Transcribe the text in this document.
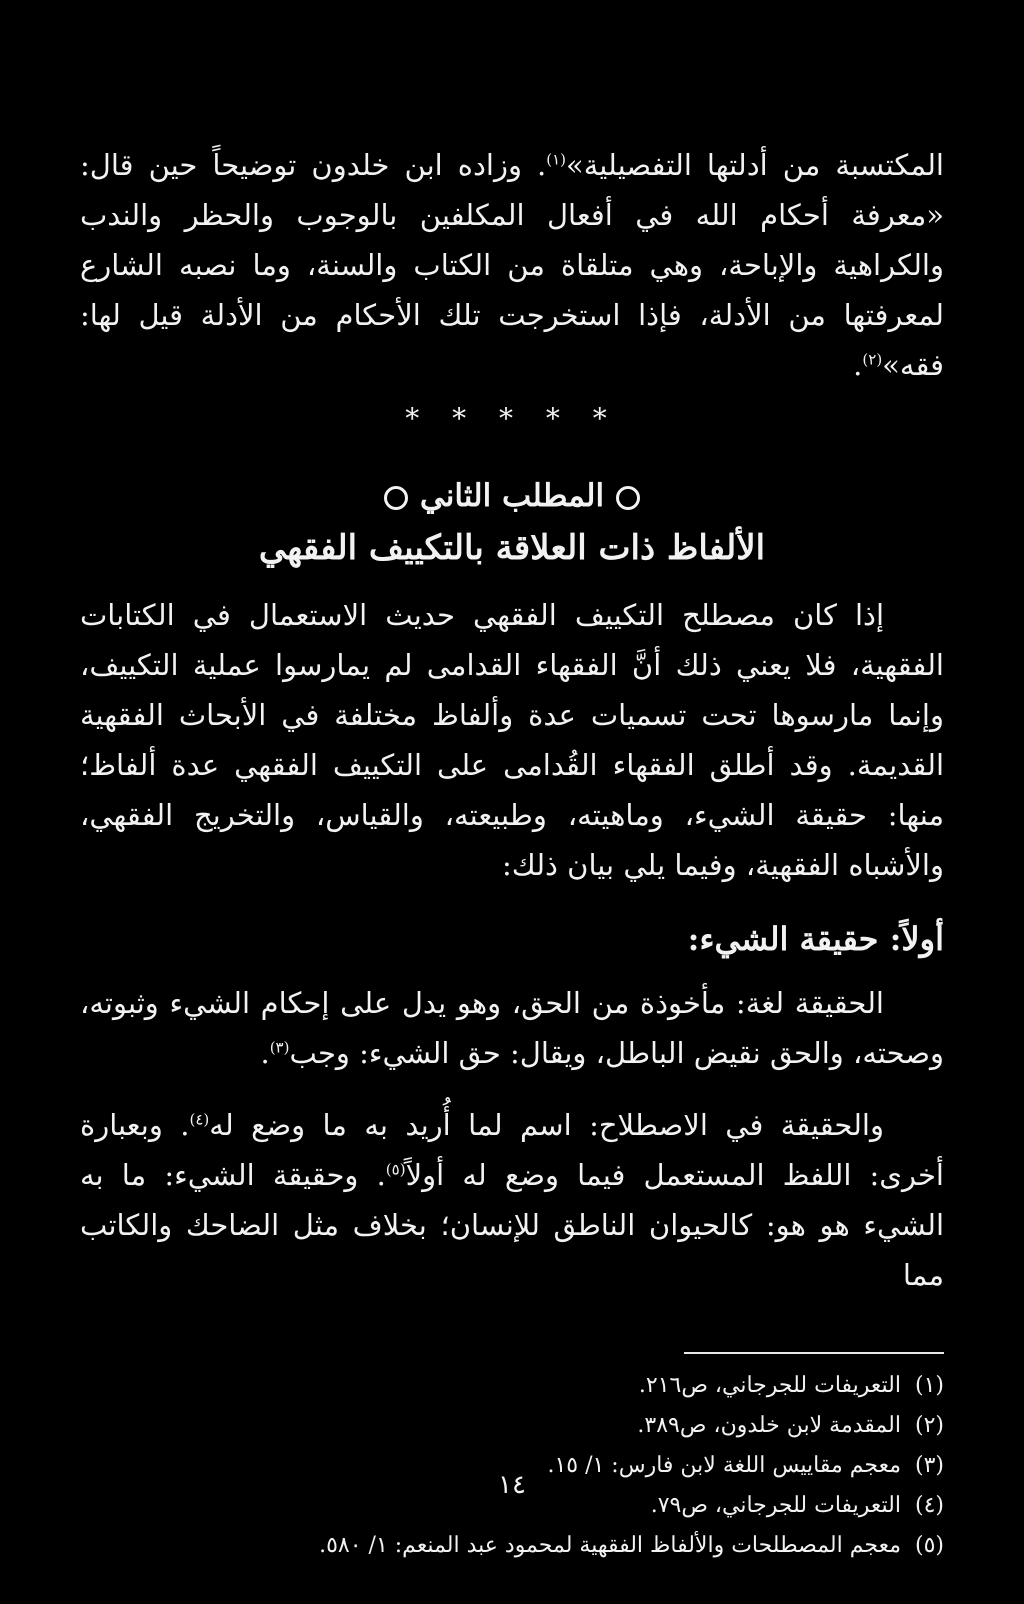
المكتسبة من أدلتها التفصيلية»$^{(١)}$. وزاده ابن خلدون توضيحاً حين قال: «معرفة أحكام الله في أفعال المكلفين بالوجوب والحظر والندب والكراهية والإباحة، وهي متلقاة من الكتاب والسنة، وما نصبه الشارع لمعرفتها من الأدلة، فإذا استخرجت تلك الأحكام من الأدلة قيل لها: فقه»$^{(٢)}$.

* * * * *
المطلب الثاني
الألفاظ ذات العلاقة بالتكييف الفقهي

إذا كان مصطلح التكييف الفقهي حديث الاستعمال في الكتابات الفقهية، فلا يعني ذلك أنَّ الفقهاء القدامى لم يمارسوا عملية التكييف، وإنما مارسوها تحت تسميات عدة وألفاظ مختلفة في الأبحاث الفقهية القديمة. وقد أطلق الفقهاء القُدامى على التكييف الفقهي عدة ألفاظ؛ منها: حقيقة الشيء، وماهيته، وطبيعته، والقياس، والتخريج الفقهي، والأشباه الفقهية، وفيما يلي بيان ذلك:

أولاً: حقيقة الشيء:

الحقيقة لغة: مأخوذة من الحق، وهو يدل على إحكام الشيء وثبوته، وصحته، والحق نقيض الباطل، ويقال: حق الشيء: وجب$^{(٣)}$.

والحقيقة في الاصطلاح: اسم لما أُريد به ما وضع له$^{(٤)}$. وبعبارة أخرى: اللفظ المستعمل فيما وضع له أولاً$^{(٥)}$. وحقيقة الشيء: ما به الشيء هو هو: كالحيوان الناطق للإنسان؛ بخلاف مثل الضاحك والكاتب مما

(١)التعريفات للجرجاني، ص٢١٦.

(٢)المقدمة لابن خلدون، ص٣٨٩.

(٣)معجم مقاييس اللغة لابن فارس: ١/ ١٥.

(٤)التعريفات للجرجاني، ص٧٩.

(٥)معجم المصطلحات والألفاظ الفقهية لمحمود عبد المنعم: ١/ ٥٨٠.

١٤
